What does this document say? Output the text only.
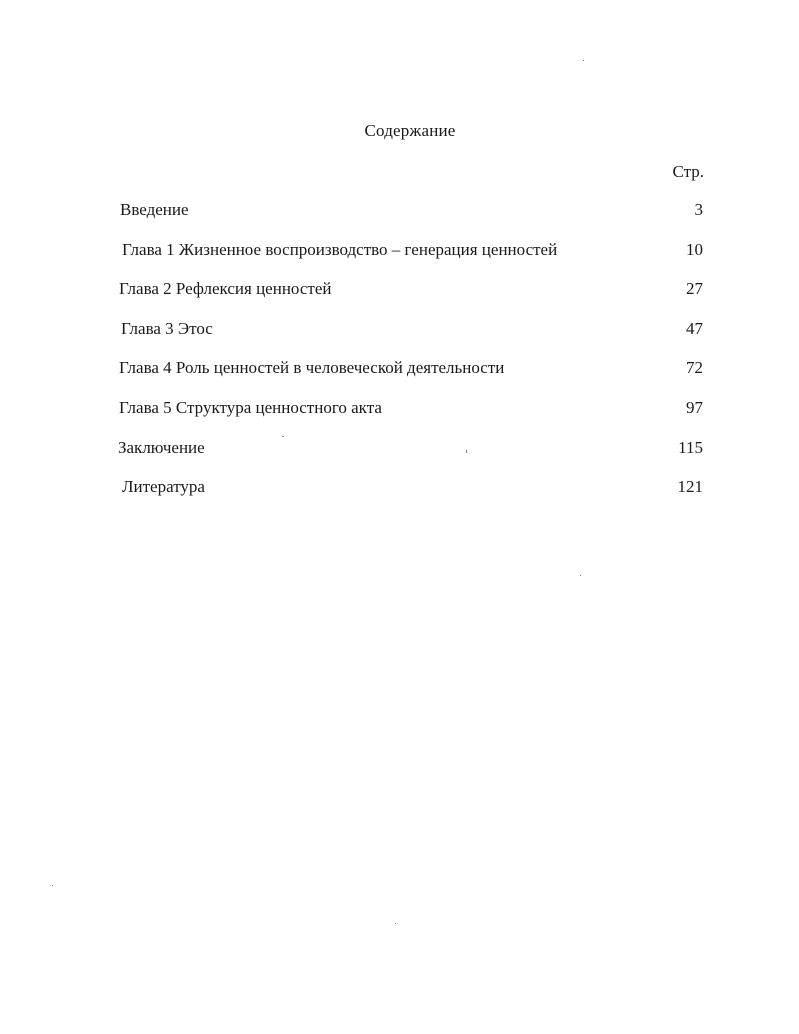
Содержание
Стр.
Введение	3
Глава 1 Жизненное воспроизводство – генерация ценностей	10
Глава 2 Рефлексия ценностей	27
Глава 3 Этос	47
Глава 4 Роль ценностей в человеческой деятельности	72
Глава 5 Структура ценностного акта	97
Заключение	115
Литература	121
